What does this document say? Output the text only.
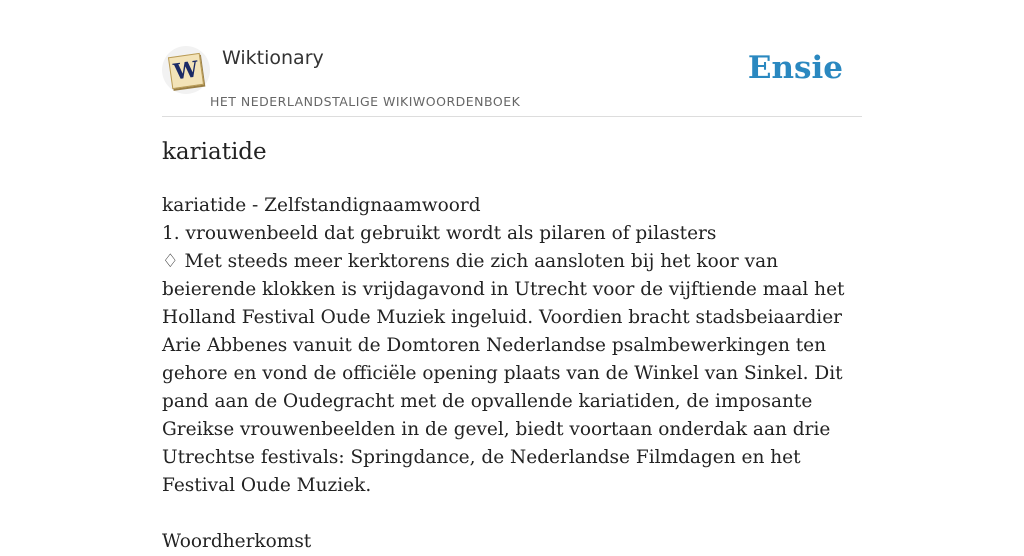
W Wiktionary
HET NEDERLANDSTALIGE WIKIWOORDENBOEK
Ensie
kariatide

kariatide - Zelfstandignaamwoord

1. vrouwenbeeld dat gebruikt wordt als pilaren of pilasters

♢ Met steeds meer kerktorens die zich aansloten bij het koor van beierende klokken is vrijdagavond in Utrecht voor de vijftiende maal het Holland Festival Oude Muziek ingeluid. Voordien bracht stadsbeiaardier Arie Abbenes vanuit de Domtoren Nederlandse psalmbewerkingen ten gehore en vond de officiële opening plaats van de Winkel van Sinkel. Dit pand aan de Oudegracht met de opvallende kariatiden, de imposante Greikse vrouwenbeelden in de gevel, biedt voortaan onderdak aan drie Utrechtse festivals: Springdance, de Nederlandse Filmdagen en het Festival Oude Muziek.

Woordherkomst
